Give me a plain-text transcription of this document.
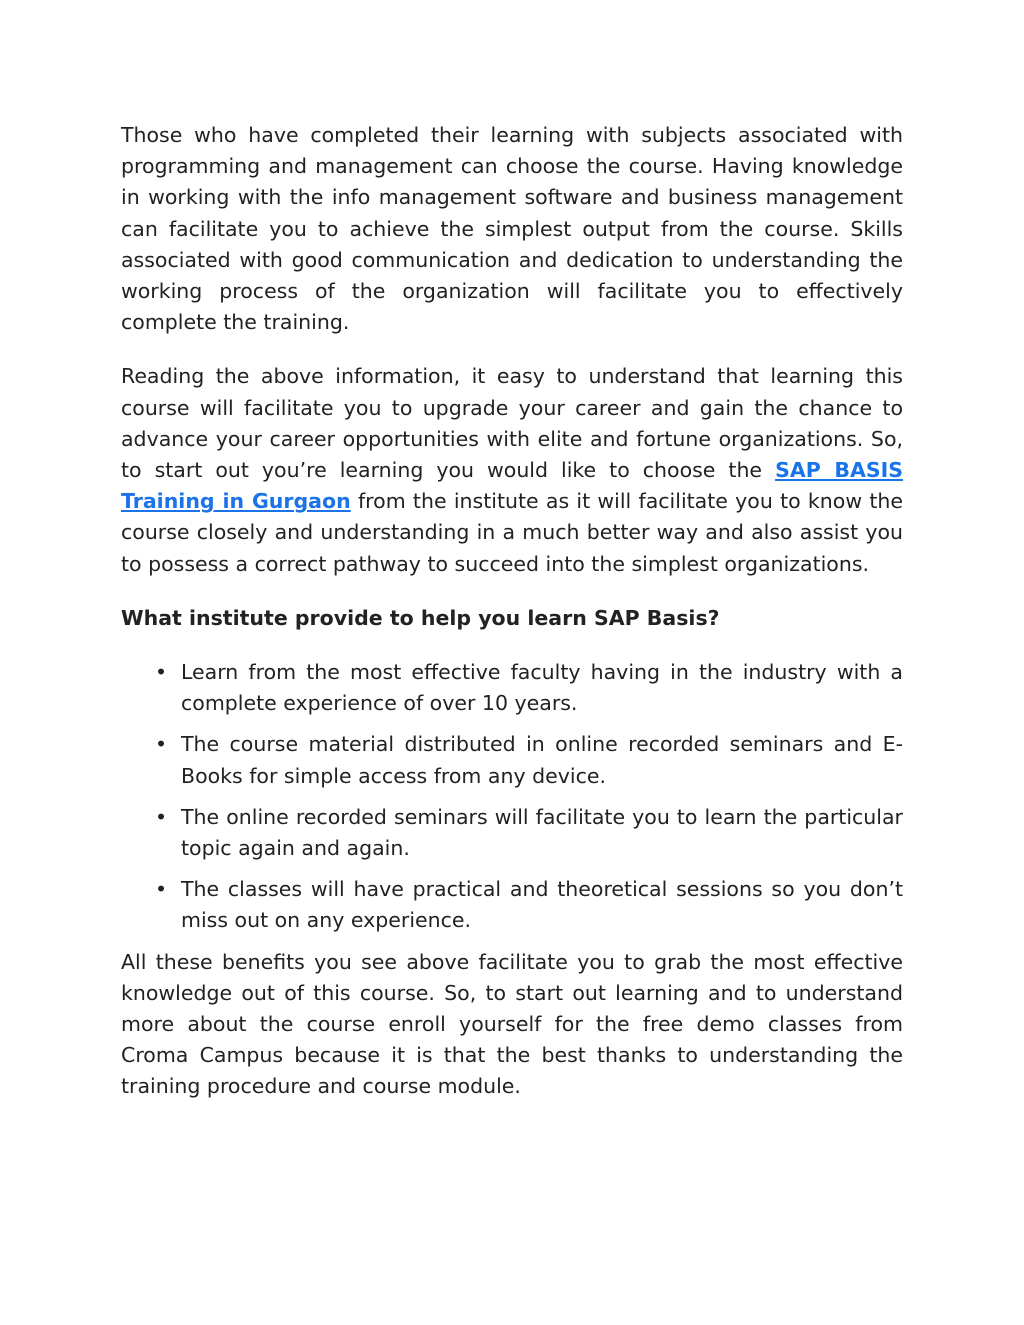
Those who have completed their learning with subjects associated with programming and management can choose the course. Having knowledge in working with the info management software and business management can facilitate you to achieve the simplest output from the course. Skills associated with good communication and dedication to understanding the working process of the organization will facilitate you to effectively complete the training.

Reading the above information, it easy to understand that learning this course will facilitate you to upgrade your career and gain the chance to advance your career opportunities with elite and fortune organizations. So, to start out you’re learning you would like to choose the SAP BASIS Training in Gurgaon from the institute as it will facilitate you to know the course closely and understanding in a much better way and also assist you to possess a correct pathway to succeed into the simplest organizations.

What institute provide to help you learn SAP Basis?
• Learn from the most effective faculty having in the industry with a complete experience of over 10 years.
• The course material distributed in online recorded seminars and E-Books for simple access from any device.
• The online recorded seminars will facilitate you to learn the particular topic again and again.
• The classes will have practical and theoretical sessions so you don’t miss out on any experience.

All these benefits you see above facilitate you to grab the most effective knowledge out of this course. So, to start out learning and to understand more about the course enroll yourself for the free demo classes from Croma Campus because it is that the best thanks to understanding the training procedure and course module.
